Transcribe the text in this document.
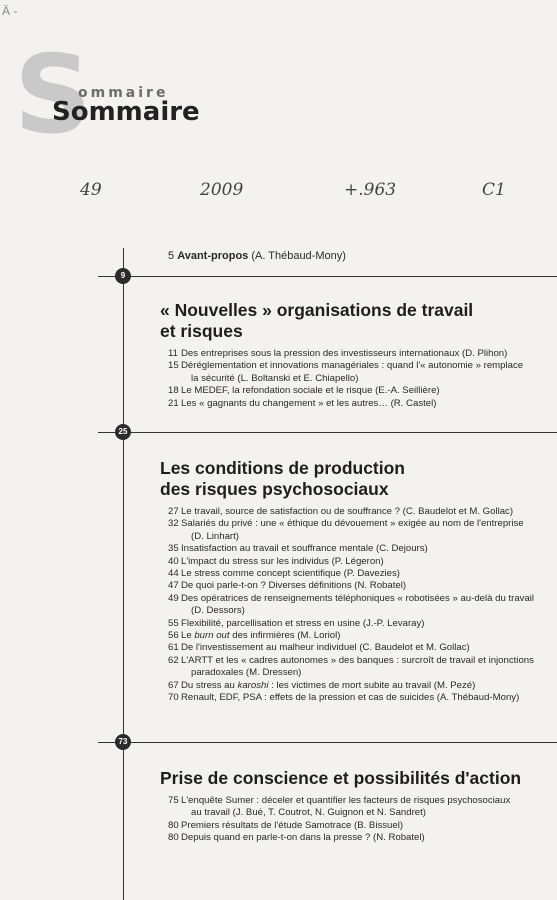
Ä -
S
ommaire
Sommaire
49	2009	+.963	C1
5 Avant-propos (A. Thébaud-Mony)
9
25
73
« Nouvelles » organisations de travail
et risques
11 Des entreprises sous la pression des investisseurs internationaux (D. Plihon)
15 Déréglementation et innovations managériales : quand l'« autonomie » remplace
la sécurité (L. Boltanski et E. Chiapello)
18 Le MEDEF, la refondation sociale et le risque (E.-A. Seillière)
21 Les « gagnants du changement » et les autres… (R. Castel)
Les conditions de production
des risques psychosociaux
27 Le travail, source de satisfaction ou de souffrance ? (C. Baudelot et M. Gollac)
32 Salariés du privé : une « éthique du dévouement » exigée au nom de l'entreprise
(D. Linhart)
35 Insatisfaction au travail et souffrance mentale (C. Dejours)
40 L'impact du stress sur les individus (P. Légeron)
44 Le stress comme concept scientifique (P. Davezies)
47 De quoi parle-t-on ? Diverses définitions (N. Robatel)
49 Des opératrices de renseignements téléphoniques « robotisées » au-delà du travail
(D. Dessors)
55 Flexibilité, parcellisation et stress en usine (J.-P. Levaray)
56 Le burn out des infirmières (M. Loriol)
61 De l'investissement au malheur individuel (C. Baudelot et M. Gollac)
62 L'ARTT et les « cadres autonomes » des banques : surcroît de travail et injonctions
paradoxales (M. Dressen)
67 Du stress au karoshi : les victimes de mort subite au travail (M. Pezé)
70 Renault, EDF, PSA : effets de la pression et cas de suicides (A. Thébaud-Mony)
Prise de conscience et possibilités d'action
75 L'enquête Sumer : déceler et quantifier les facteurs de risques psychosociaux
au travail (J. Bué, T. Coutrot, N. Guignon et N. Sandret)
80 Premiers résultats de l'étude Samotrace (B. Bissuel)
80 Depuis quand en parle-t-on dans la presse ? (N. Robatel)
